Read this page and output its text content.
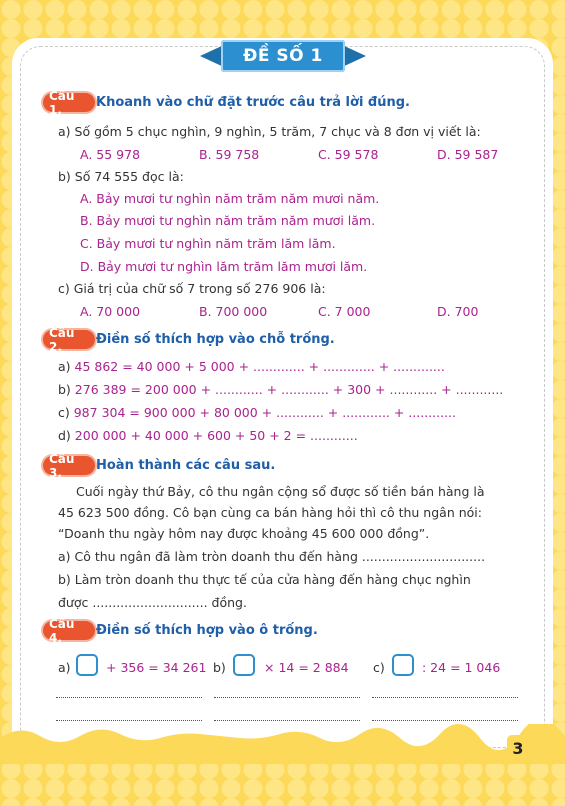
ĐỀ SỐ 1
Câu 1.	Khoanh vào chữ đặt trước câu trả lời đúng.
a) Số gồm 5 chục nghìn, 9 nghìn, 5 trăm, 7 chục và 8 đơn vị viết là:
A. 55 978	B. 59 758	C. 59 578	D. 59 587
b) Số 74 555 đọc là:
A. Bảy mươi tư nghìn năm trăm năm mươi năm.
B. Bảy mươi tư nghìn năm trăm năm mươi lăm.
C. Bảy mươi tư nghìn năm trăm lăm lăm.
D. Bảy mươi tư nghìn lăm trăm lăm mươi lăm.
c) Giá trị của chữ số 7 trong số 276 906 là:
A. 70 000	B. 700 000	C. 7 000	D. 700
Câu 2.	Điền số thích hợp vào chỗ trống.
a) 45 862 = 40 000 + 5 000 + ............. + ............. + .............
b) 276 389 = 200 000 + ............ + ............ + 300 + ............ + ............
c) 987 304 = 900 000 + 80 000 + ............ + ............ + ............
d) 200 000 + 40 000 + 600 + 50 + 2 = ............
Câu 3.	Hoàn thành các câu sau.
Cuối ngày thứ Bảy, cô thu ngân cộng sổ được số tiền bán hàng là
45 623 500 đồng. Cô bạn cùng ca bán hàng hỏi thì cô thu ngân nói:
“Doanh thu ngày hôm nay được khoảng 45 600 000 đồng”.
a) Cô thu ngân đã làm tròn doanh thu đến hàng ...............................
b) Làm tròn doanh thu thực tế của cửa hàng đến hàng chục nghìn
được ............................. đồng.
Câu 4.	Điền số thích hợp vào ô trống.
a)	+ 356 = 34 261 b)	× 14 = 2 884 c)	: 24 = 1 046
3
